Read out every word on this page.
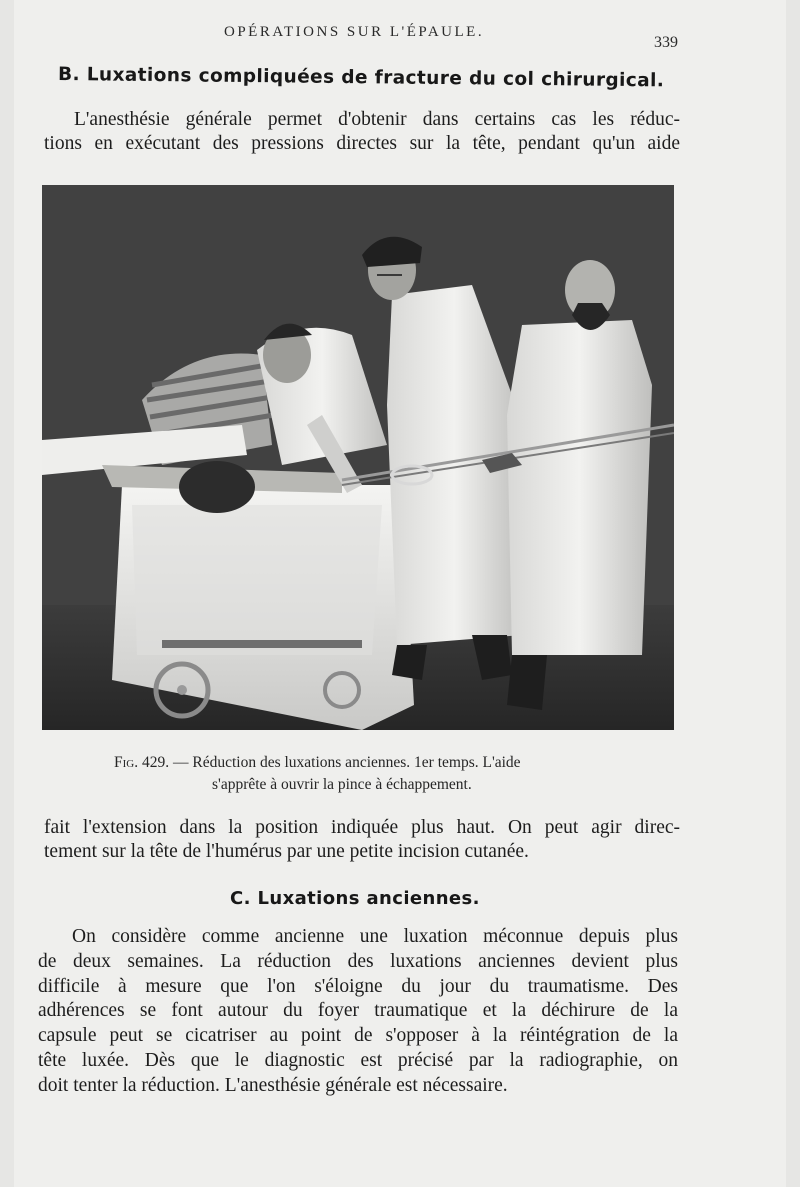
OPÉRATIONS SUR L'ÉPAULE.
339
B. Luxations compliquées de fracture du col chirurgical.
L'anesthésie générale permet d'obtenir dans certains cas les réduc-
tions en exécutant des pressions directes sur la tête, pendant qu'un aide
Fig. 429. — Réduction des luxations anciennes. 1er temps. L'aide
s'apprête à ouvrir la pince à échappement.
fait l'extension dans la position indiquée plus haut. On peut agir direc-
tement sur la tête de l'humérus par une petite incision cutanée.
C. Luxations anciennes.
On considère comme ancienne une luxation méconnue depuis plus
de deux semaines. La réduction des luxations anciennes devient plus
difficile à mesure que l'on s'éloigne du jour du traumatisme. Des
adhérences se font autour du foyer traumatique et la déchirure de la
capsule peut se cicatriser au point de s'opposer à la réintégration de la
tête luxée. Dès que le diagnostic est précisé par la radiographie, on
doit tenter la réduction. L'anesthésie générale est nécessaire.
